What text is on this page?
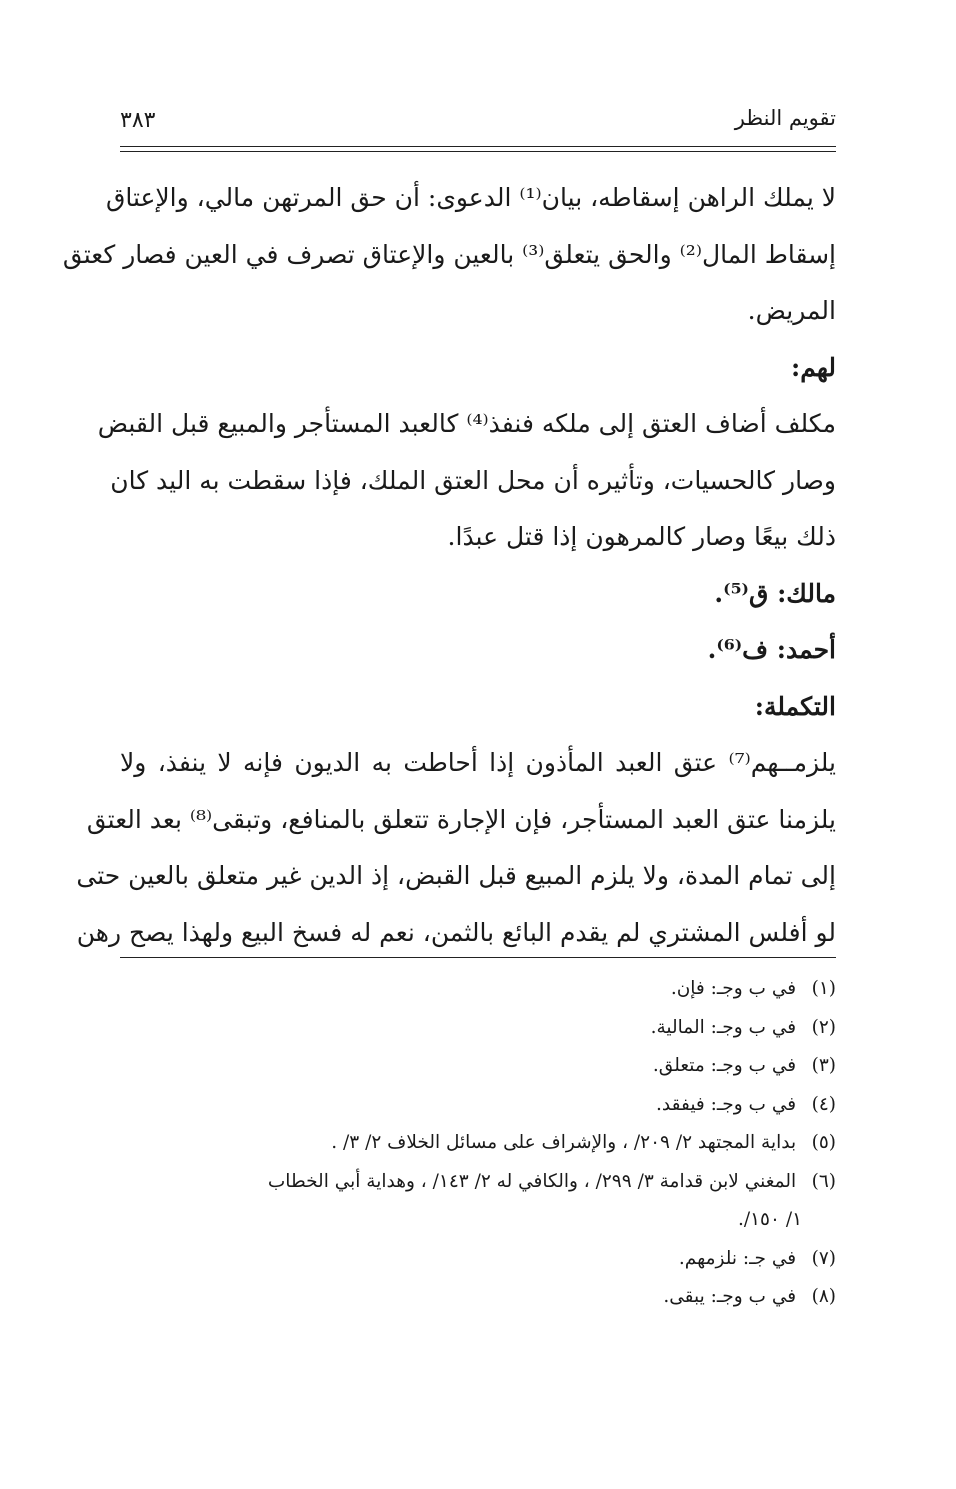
تقويم النظر
٣٨٣
لا يملك الراهن إسقاطه، بيان⁽¹⁾ الدعوى: أن حق المرتهن مالي، والإعتاق
إسقاط المال⁽²⁾ والحق يتعلق⁽³⁾ بالعين والإعتاق تصرف في العين فصار كعتق
المريض.
لهم:
مكلف أضاف العتق إلى ملكه فنفذ⁽⁴⁾ كالعبد المستأجر والمبيع قبل القبض
وصار كالحسيات، وتأثيره أن محل العتق الملك، فإذا سقطت به اليد كان
ذلك بيعًا وصار كالمرهون إذا قتل عبدًا.
مالك: ق⁽⁵⁾.
أحمد: ف⁽⁶⁾.
التكملة:
يلزمــهم⁽⁷⁾ عتق العبد المأذون إذا أحاطت به الديون فإنه لا ينفذ، ولا
يلزمنا عتق العبد المستأجر، فإن الإجارة تتعلق بالمنافع، وتبقى⁽⁸⁾ بعد العتق
إلى تمام المدة، ولا يلزم المبيع قبل القبض، إذ الدين غير متعلق بالعين حتى
لو أفلس المشتري لم يقدم البائع بالثمن، نعم له فسخ البيع ولهذا يصح رهن
(١) في ب وجـ: فإن.
(٢) في ب وجـ: المالية.
(٣) في ب وجـ: متعلق.
(٤) في ب وجـ: فيفقد.
(٥) بداية المجتهد ٢/ ٢٠٩/ ، والإشراف على مسائل الخلاف ٢/ ٣/ .
(٦) المغني لابن قدامة ٣/ ٢٩٩/ ، والكافي له ٢/ ١٤٣/ ، وهداية أبي الخطاب
١/ ١٥٠/.
(٧) في جـ: نلزمهم.
(٨) في ب وجـ: يبقى.
